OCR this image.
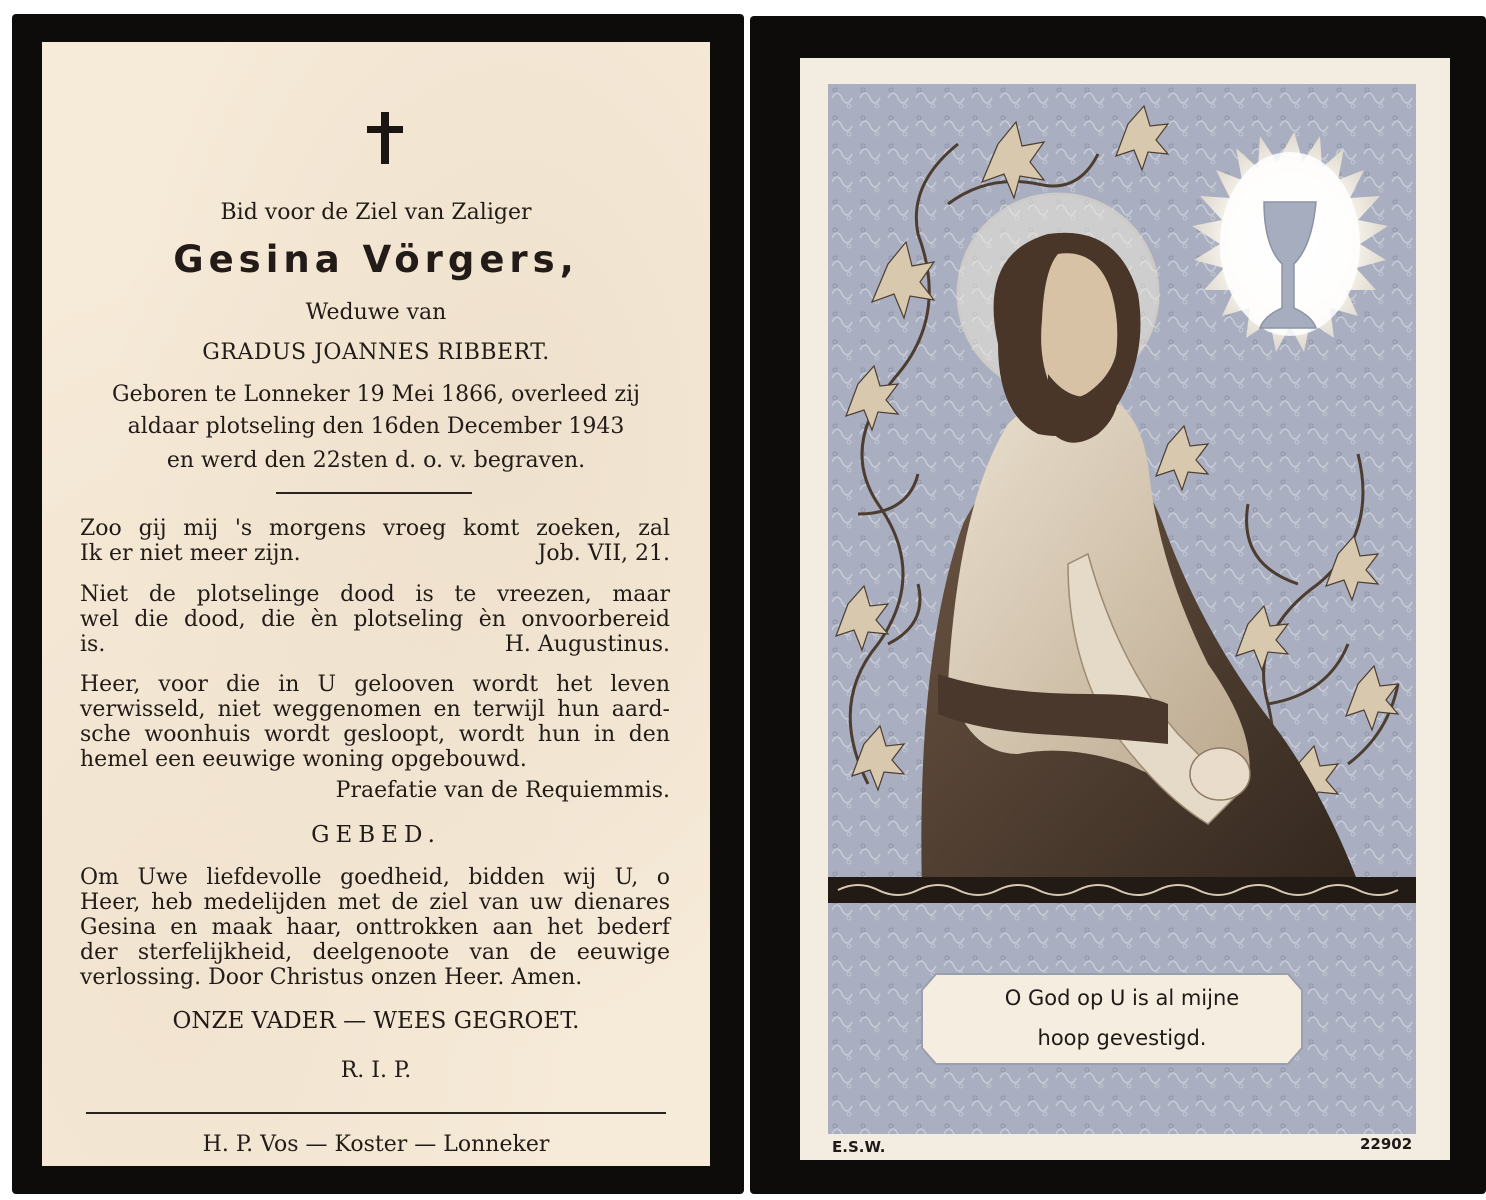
Bid voor de Ziel van Zaliger
Gesina Vörgers,
Weduwe van
GRADUS JOANNES RIBBERT.
Geboren te Lonneker 19 Mei 1866, overleed zij
aldaar plotseling den 16den December 1943
en werd den 22sten d. o. v. begraven.
Zoo gij mij 's morgens vroeg komt zoeken, zal
Ik er niet meer zijn.	Job. VII, 21.
Niet de plotselinge dood is te vreezen, maar
wel die dood, die èn plotseling èn onvoorbereid
is.	H. Augustinus.
Heer, voor die in U gelooven wordt het leven
verwisseld, niet weggenomen en terwijl hun aard-
sche woonhuis wordt gesloopt, wordt hun in den
hemel een eeuwige woning opgebouwd.
Praefatie van de Requiemmis.
GEBED.
Om Uwe liefdevolle goedheid, bidden wij U, o
Heer, heb medelijden met de ziel van uw dienares
Gesina en maak haar, onttrokken aan het bederf
der sterfelijkheid, deelgenoote van de eeuwige
verlossing. Door Christus onzen Heer. Amen.
ONZE VADER — WEES GEGROET.
R. I. P.
H. P. Vos — Koster — Lonneker
O God op U is al mijne
hoop gevestigd.
E.S.W.	22902
